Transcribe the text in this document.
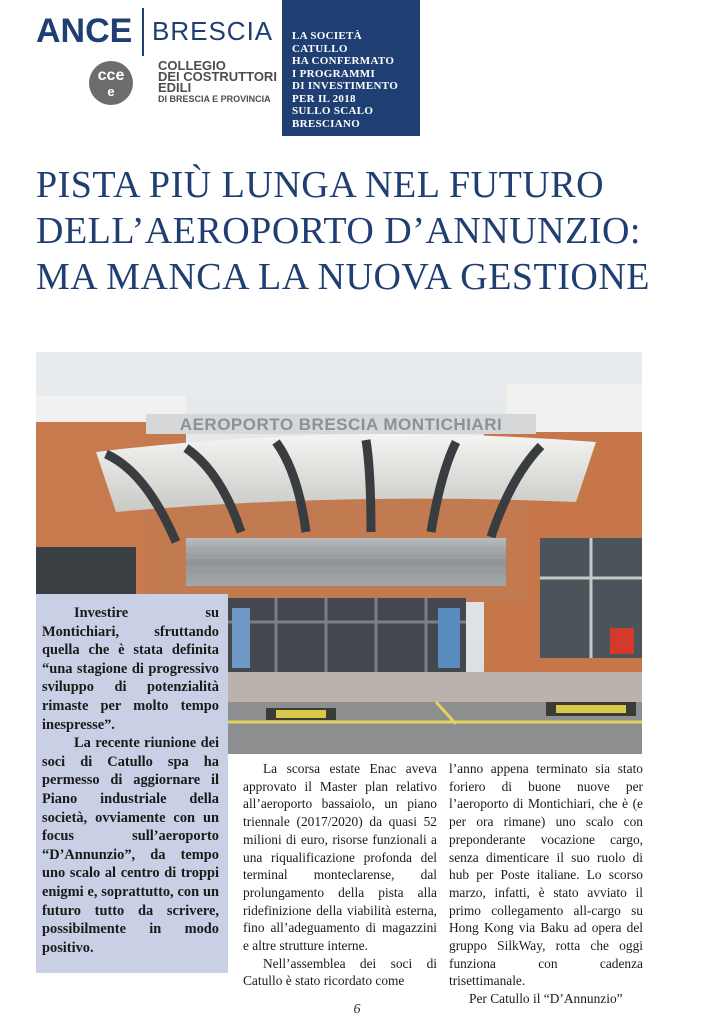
ANCE BRESCIA
cce
e
COLLEGIO
DEI COSTRUTTORI
EDILI
DI BRESCIA E PROVINCIA
LA SOCIETÀ
CATULLO
HA CONFERMATO
I PROGRAMMI
DI INVESTIMENTO
PER IL 2018
SULLO SCALO
BRESCIANO
PISTA PIÙ LUNGA NEL FUTURO
DELL’AEROPORTO D’ANNUNZIO:
MA MANCA LA NUOVA GESTIONE
AEROPORTO BRESCIA MONTICHIARI

Investire su Montichiari, sfruttando quella che è stata definita “una stagione di progressivo sviluppo di potenzialità rimaste per molto tempo inespresse”.

La recente riunione dei soci di Catullo spa ha permesso di aggiornare il Piano industriale della società, ovviamente con un focus sull’aeroporto “D’Annunzio”, da tempo uno scalo al centro di troppi enigmi e, soprattutto, con un futuro tutto da scrivere, possibilmente in modo positivo.

La scorsa estate Enac aveva approvato il Master plan relativo all’aeroporto bassaiolo, un piano triennale (2017/2020) da quasi 52 milioni di euro, risorse funzionali a una riqualificazione profonda del terminal monteclarense, dal prolungamento della pista alla ridefinizione della viabilità esterna, fino all’adeguamento di magazzini e altre strutture interne.

Nell’assemblea dei soci di Catullo è stato ricordato come

l’anno appena terminato sia stato foriero di buone nuove per l’aeroporto di Montichiari, che è (e per ora rimane) uno scalo con preponderante vocazione cargo, senza dimenticare il suo ruolo di hub per Poste italiane. Lo scorso marzo, infatti, è stato avviato il primo collegamento all-cargo su Hong Kong via Baku ad opera del gruppo SilkWay, rotta che oggi funziona con cadenza trisettimanale.

Per Catullo il “D’Annunzio”

6
